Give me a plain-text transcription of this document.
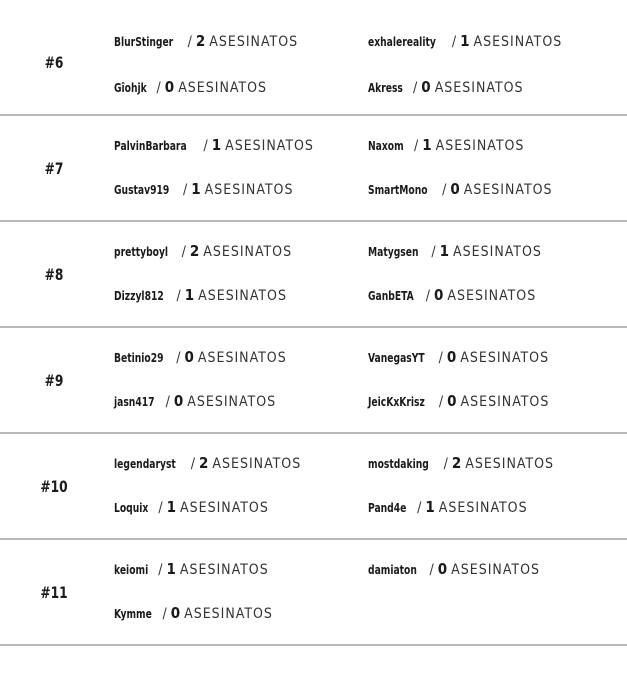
#6
BlurStinger / 2 ASESINATOS	exhalereality / 1 ASESINATOS
Gîohjk / 0 ASESINATOS	Akress / 0 ASESINATOS
#7
PalvinBarbara / 1 ASESINATOS	Naxom / 1 ASESINATOS
Gustav919 / 1 ASESINATOS	SmartMono / 0 ASESINATOS
#8
prettyboyl / 2 ASESINATOS	Matygsen / 1 ASESINATOS
Dizzyl812 / 1 ASESINATOS	GanbETA / 0 ASESINATOS
#9
Betinio29 / 0 ASESINATOS	VanegasYT / 0 ASESINATOS
jasn417 / 0 ASESINATOS	JeicKxKrisz / 0 ASESINATOS
#10
legendaryst / 2 ASESINATOS	mostdaking / 2 ASESINATOS
Loquix / 1 ASESINATOS	Pand4e / 1 ASESINATOS
#11
keiomi / 1 ASESINATOS	damiaton / 0 ASESINATOS
Kymme / 0 ASESINATOS
